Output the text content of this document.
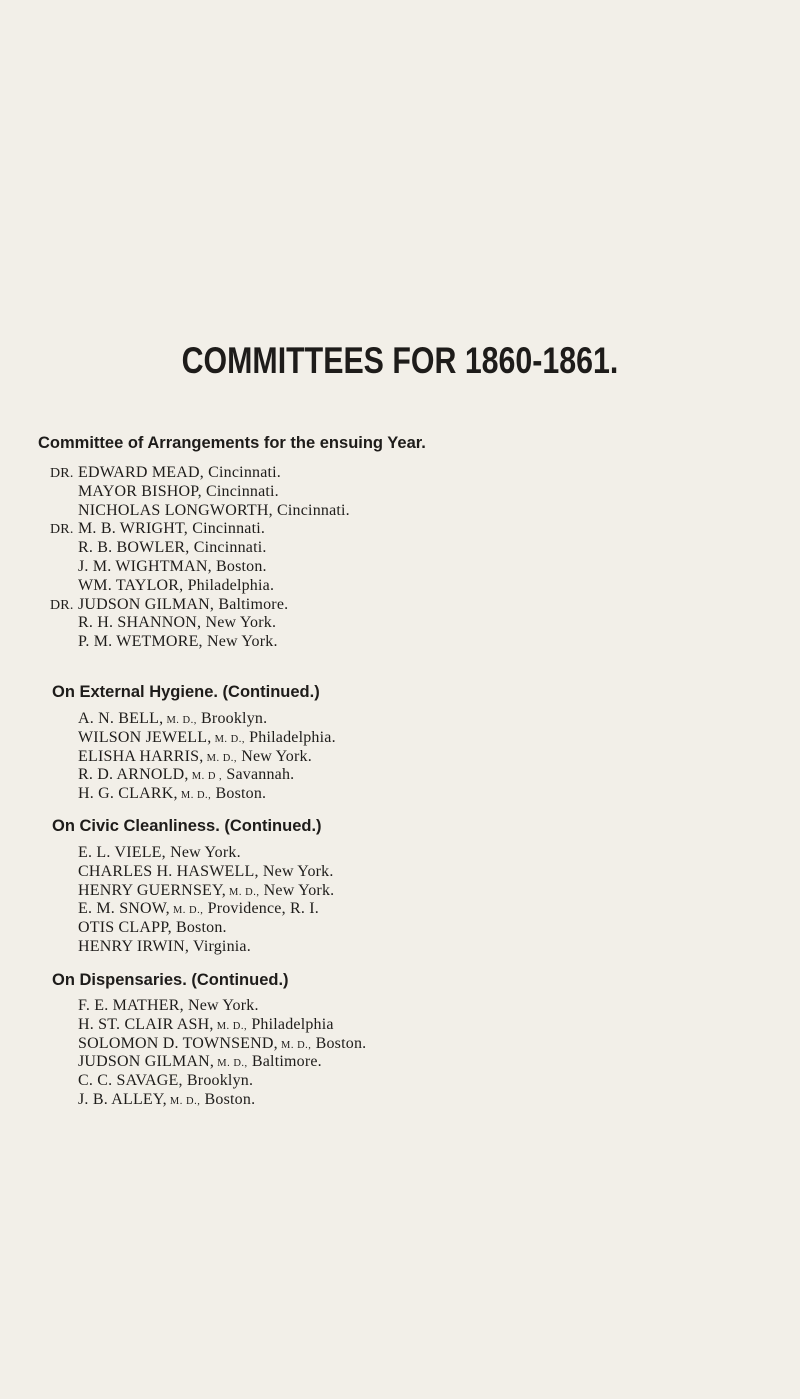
COMMITTEES FOR 1860-1861.
Committee of Arrangements for the ensuing Year.
DR. EDWARD MEAD, Cincinnati.
MAYOR BISHOP, Cincinnati.
NICHOLAS LONGWORTH, Cincinnati.
DR. M. B. WRIGHT, Cincinnati.
R. B. BOWLER, Cincinnati.
J. M. WIGHTMAN, Boston.
WM. TAYLOR, Philadelphia.
DR. JUDSON GILMAN, Baltimore.
R. H. SHANNON, New York.
P. M. WETMORE, New York.
On External Hygiene. (Continued.)
A. N. BELL, M. D., Brooklyn.
WILSON JEWELL, M. D., Philadelphia.
ELISHA HARRIS, M. D., New York.
R. D. ARNOLD, M. D , Savannah.
H. G. CLARK, M. D., Boston.
On Civic Cleanliness. (Continued.)
E. L. VIELE, New York.
CHARLES H. HASWELL, New York.
HENRY GUERNSEY, M. D., New York.
E. M. SNOW, M. D., Providence, R. I.
OTIS CLAPP, Boston.
HENRY IRWIN, Virginia.
On Dispensaries. (Continued.)
F. E. MATHER, New York.
H. ST. CLAIR ASH, M. D., Philadelphia
SOLOMON D. TOWNSEND, M. D., Boston.
JUDSON GILMAN, M. D., Baltimore.
C. C. SAVAGE, Brooklyn.
J. B. ALLEY, M. D., Boston.
